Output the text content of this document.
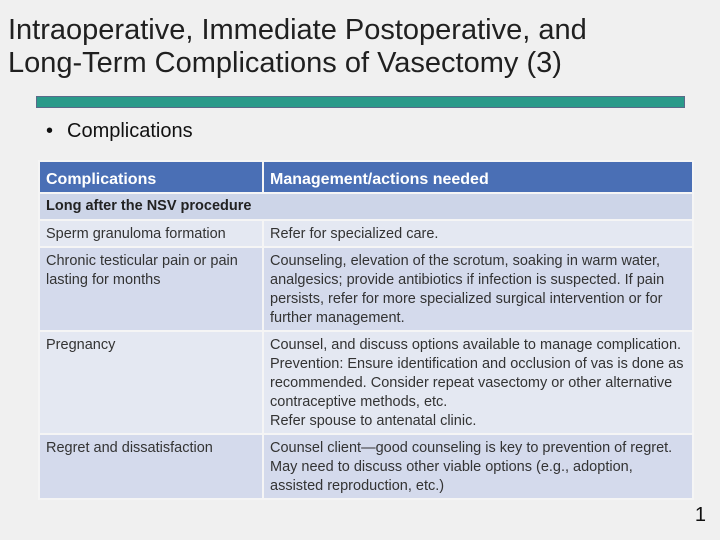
Intraoperative, Immediate Postoperative, and
Long-Term Complications of Vasectomy (3)
• Complications
Complications	Management/actions needed
Long after the NSV procedure	
Sperm granuloma formation	Refer for specialized care.
Chronic testicular pain or pain lasting for months	Counseling, elevation of the scrotum, soaking in warm water, analgesics; provide antibiotics if infection is suspected. If pain persists, refer for more specialized surgical intervention or for further management.
Pregnancy	Counsel, and discuss options available to manage complication. Prevention: Ensure identification and occlusion of vas is done as recommended. Consider repeat vasectomy or other alternative contraceptive methods, etc.
Refer spouse to antenatal clinic.

Regret and dissatisfaction	Counsel client—good counseling is key to prevention of regret. May need to discuss other viable options (e.g., adoption, assisted reproduction, etc.)
1
